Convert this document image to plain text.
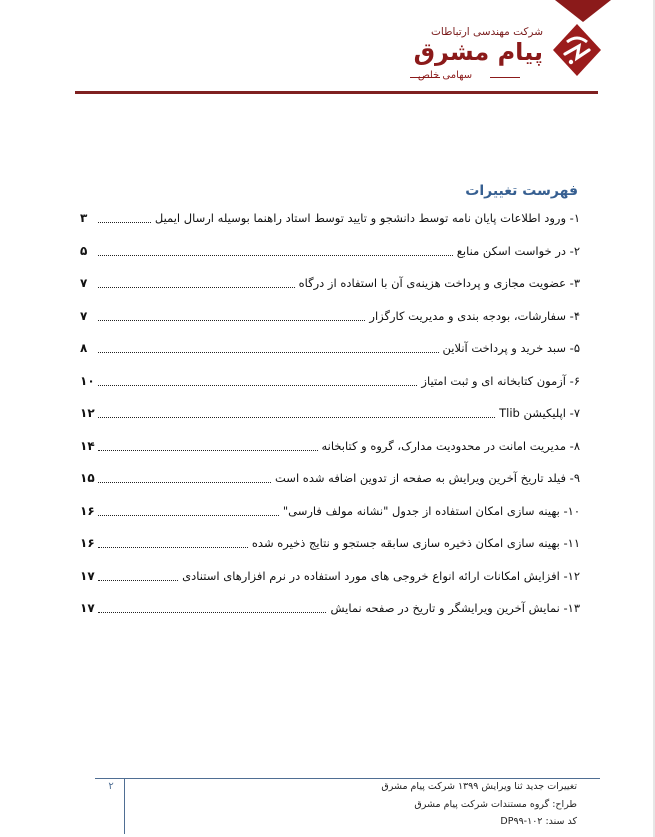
شرکت مهندسی ارتباطات
پیام مشرق
سهامی خاص
فهرست تغییرات
۱- ورود اطلاعات پایان نامه توسط دانشجو و تایید توسط استاد راهنما بوسیله ارسال ایمیل
۳
۲- در خواست اسکن منابع
۵
۳- عضویت مجازی و پرداخت هزینه‌ی آن با استفاده از درگاه
۷
۴- سفارشات، بودجه بندی و مدیریت کارگزار
۷
۵- سبد خرید و پرداخت آنلاین
۸
۶- آزمون کتابخانه ای و ثبت امتیاز
۱۰
۷- اپلیکیشن Tlib
۱۲
۸- مدیریت امانت در محدودیت مدارک، گروه و کتابخانه
۱۴
۹- فیلد تاریخ آخرین ویرایش به صفحه از تدوین اضافه شده است
۱۵
۱۰- بهینه سازی امکان استفاده از جدول "نشانه مولف فارسی"
۱۶
۱۱- بهینه سازی امکان ذخیره سازی سابقه جستجو و نتایج ذخیره شده
۱۶
۱۲- افزایش امکانات ارائه انواع خروجی های مورد استفاده در نرم افزارهای استنادی
۱۷
۱۳- نمایش آخرین ویرایشگر و تاریخ در صفحه نمایش
۱۷
۲	تغییرات جدید ثنا ویرایش ۱۳۹۹ شرکت پیام مشرق
طراح: گروه مستندات شرکت پیام مشرق
کد سند: DP۹۹-۱۰۲
